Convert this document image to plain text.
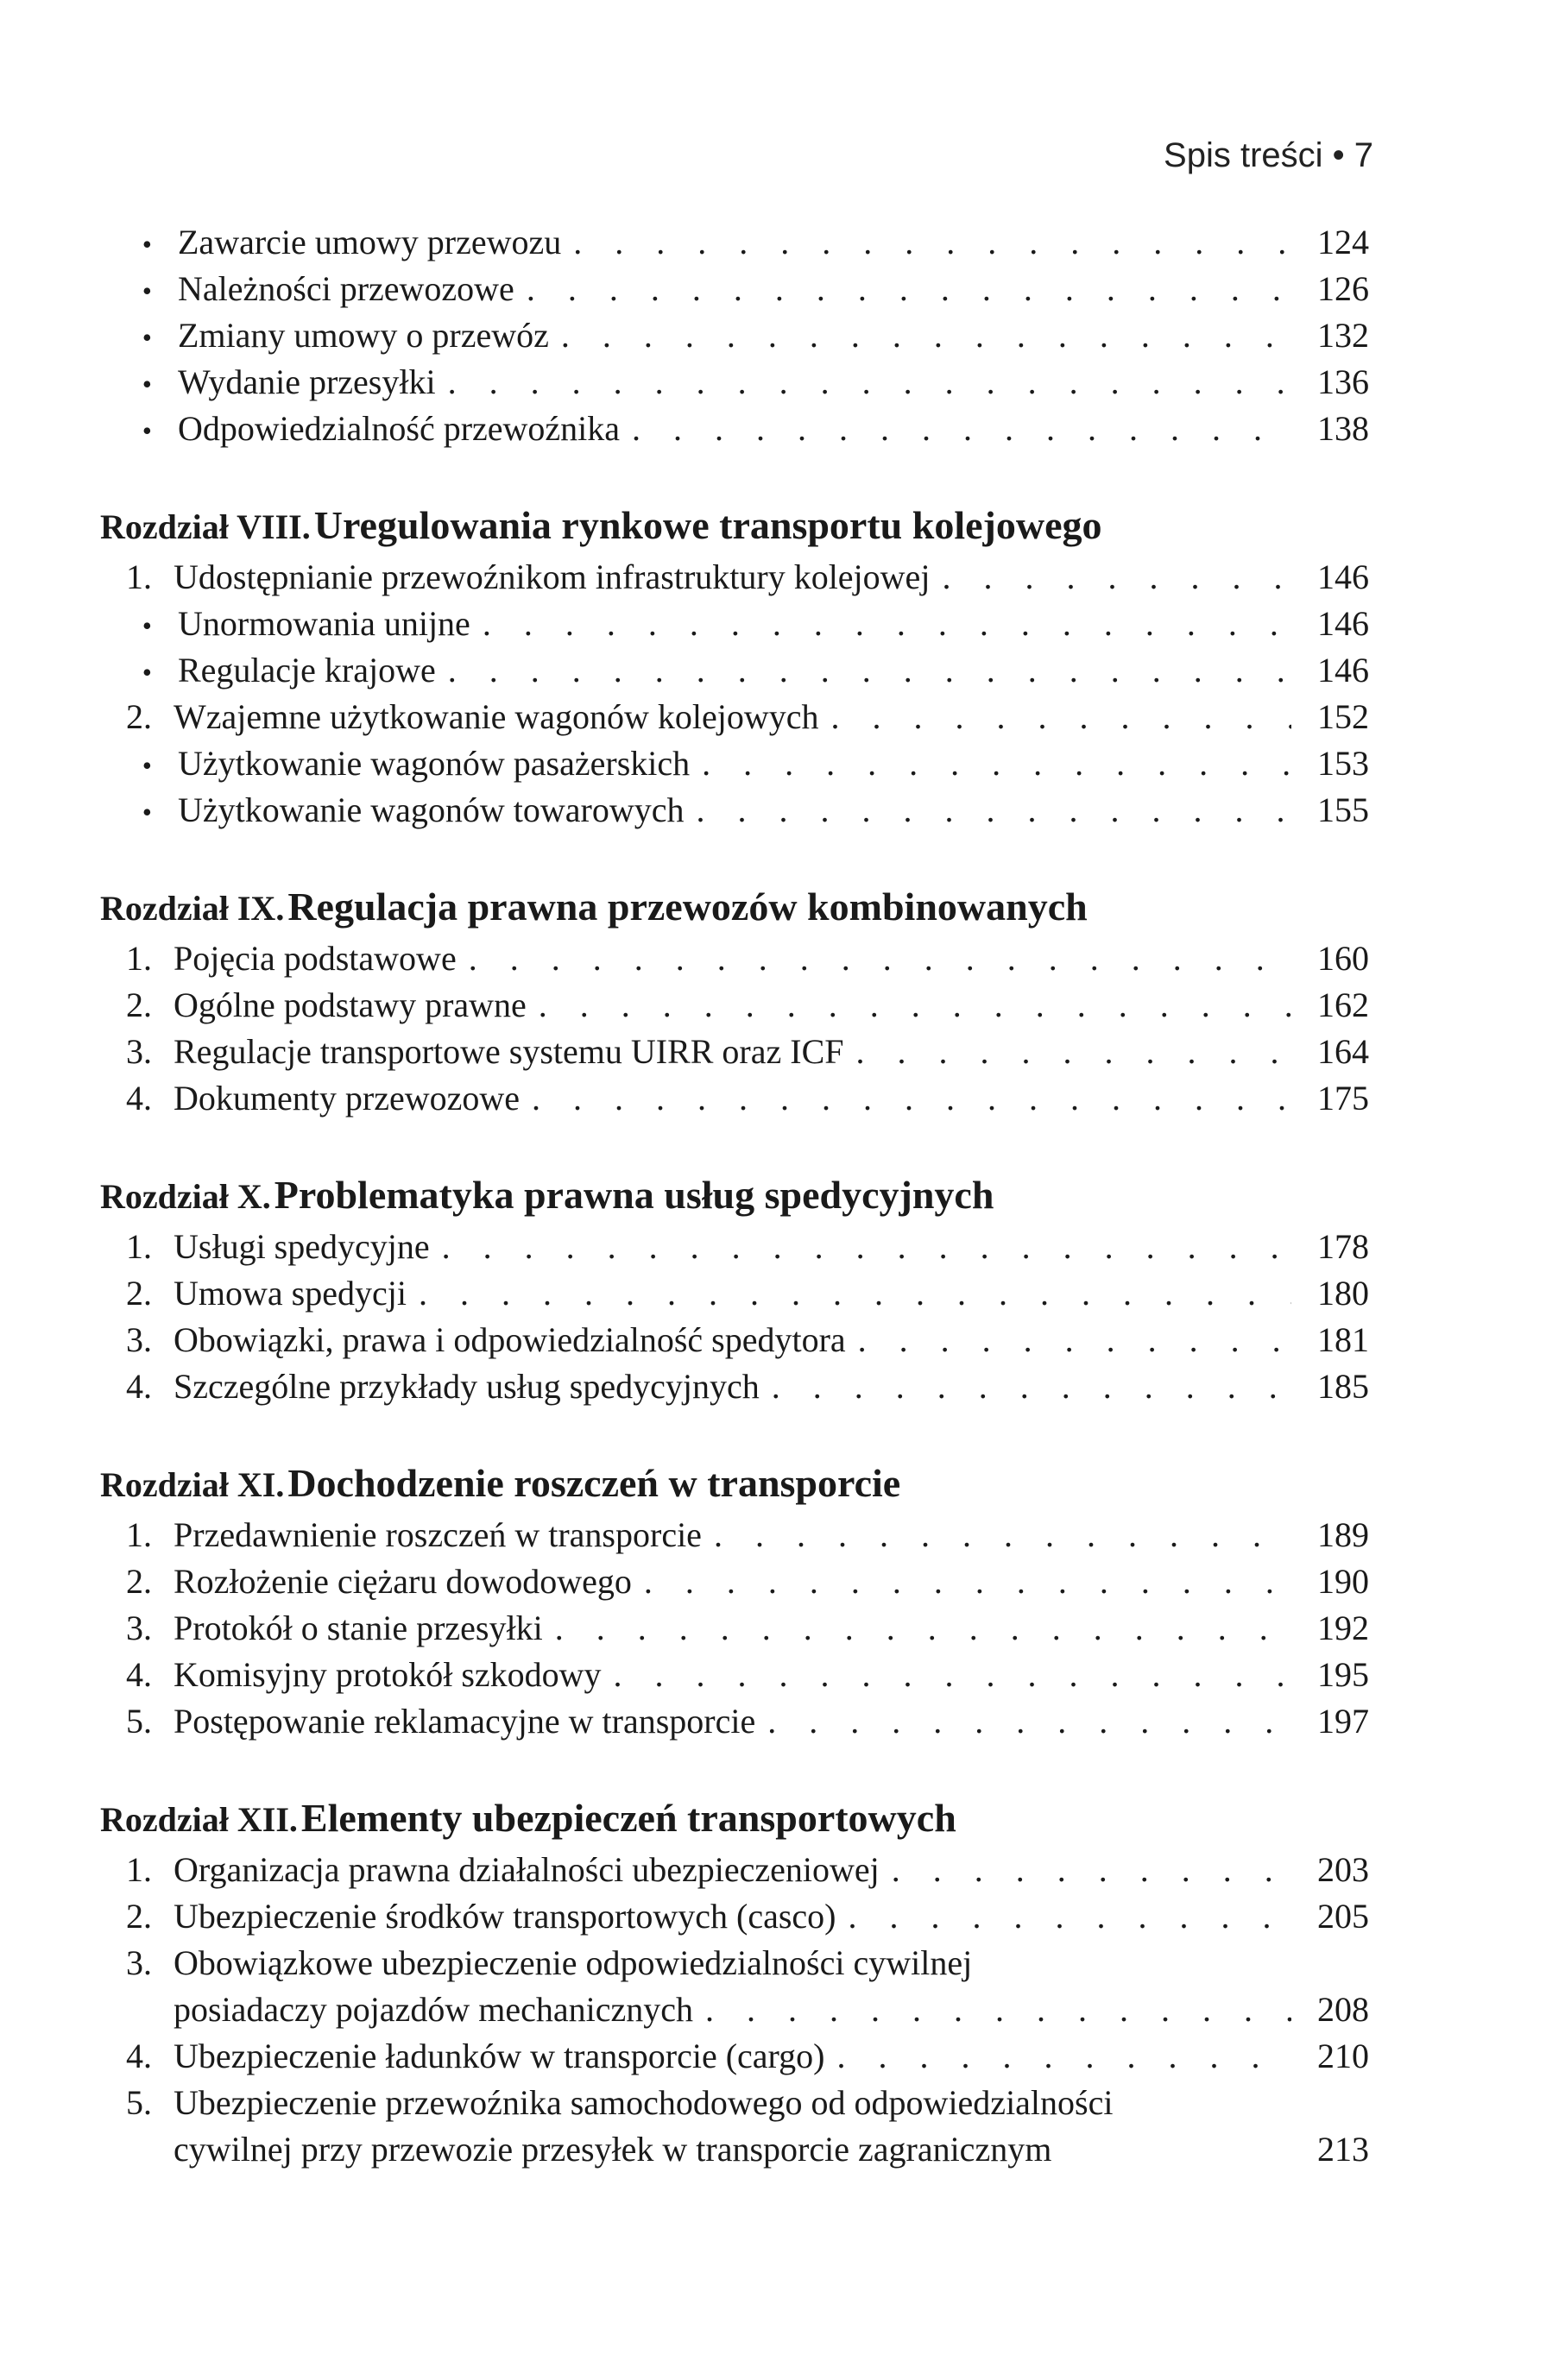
Spis treści • 7
• Zawarcie umowy przewozu . . .	124
• Należności przewozowe . . .	126
• Zmiany umowy o przewóz . . .	132
• Wydanie przesyłki . . .	136
• Odpowiedzialność przewoźnika . . .	138
Rozdział VIII. Uregulowania rynkowe transportu kolejowego
1. Udostępnianie przewoźnikom infrastruktury kolejowej . . .	146
• Unormowania unijne . . .	146
• Regulacje krajowe . . .	146
2. Wzajemne użytkowanie wagonów kolejowych . . .	152
• Użytkowanie wagonów pasażerskich . . .	153
• Użytkowanie wagonów towarowych . . .	155
Rozdział IX. Regulacja prawna przewozów kombinowanych
1. Pojęcia podstawowe . . .	160
2. Ogólne podstawy prawne . . .	162
3. Regulacje transportowe systemu UIRR oraz ICF . . .	164
4. Dokumenty przewozowe . . .	175
Rozdział X. Problematyka prawna usług spedycyjnych
1. Usługi spedycyjne . . .	178
2. Umowa spedycji . . .	180
3. Obowiązki, prawa i odpowiedzialność spedytora . . .	181
4. Szczególne przykłady usług spedycyjnych . . .	185
Rozdział XI. Dochodzenie roszczeń w transporcie
1. Przedawnienie roszczeń w transporcie . . .	189
2. Rozłożenie ciężaru dowodowego . . .	190
3. Protokół o stanie przesyłki . . .	192
4. Komisyjny protokół szkodowy . . .	195
5. Postępowanie reklamacyjne w transporcie . . .	197
Rozdział XII. Elementy ubezpieczeń transportowych
1. Organizacja prawna działalności ubezpieczeniowej . . .	203
2. Ubezpieczenie środków transportowych (casco) . . .	205
3. Obowiązkowe ubezpieczenie odpowiedzialności cywilnej
posiadaczy pojazdów mechanicznych . . .	208
4. Ubezpieczenie ładunków w transporcie (cargo) . . .	210
5. Ubezpieczenie przewoźnika samochodowego od odpowiedzialności
cywilnej przy przewozie przesyłek w transporcie zagranicznym	213
